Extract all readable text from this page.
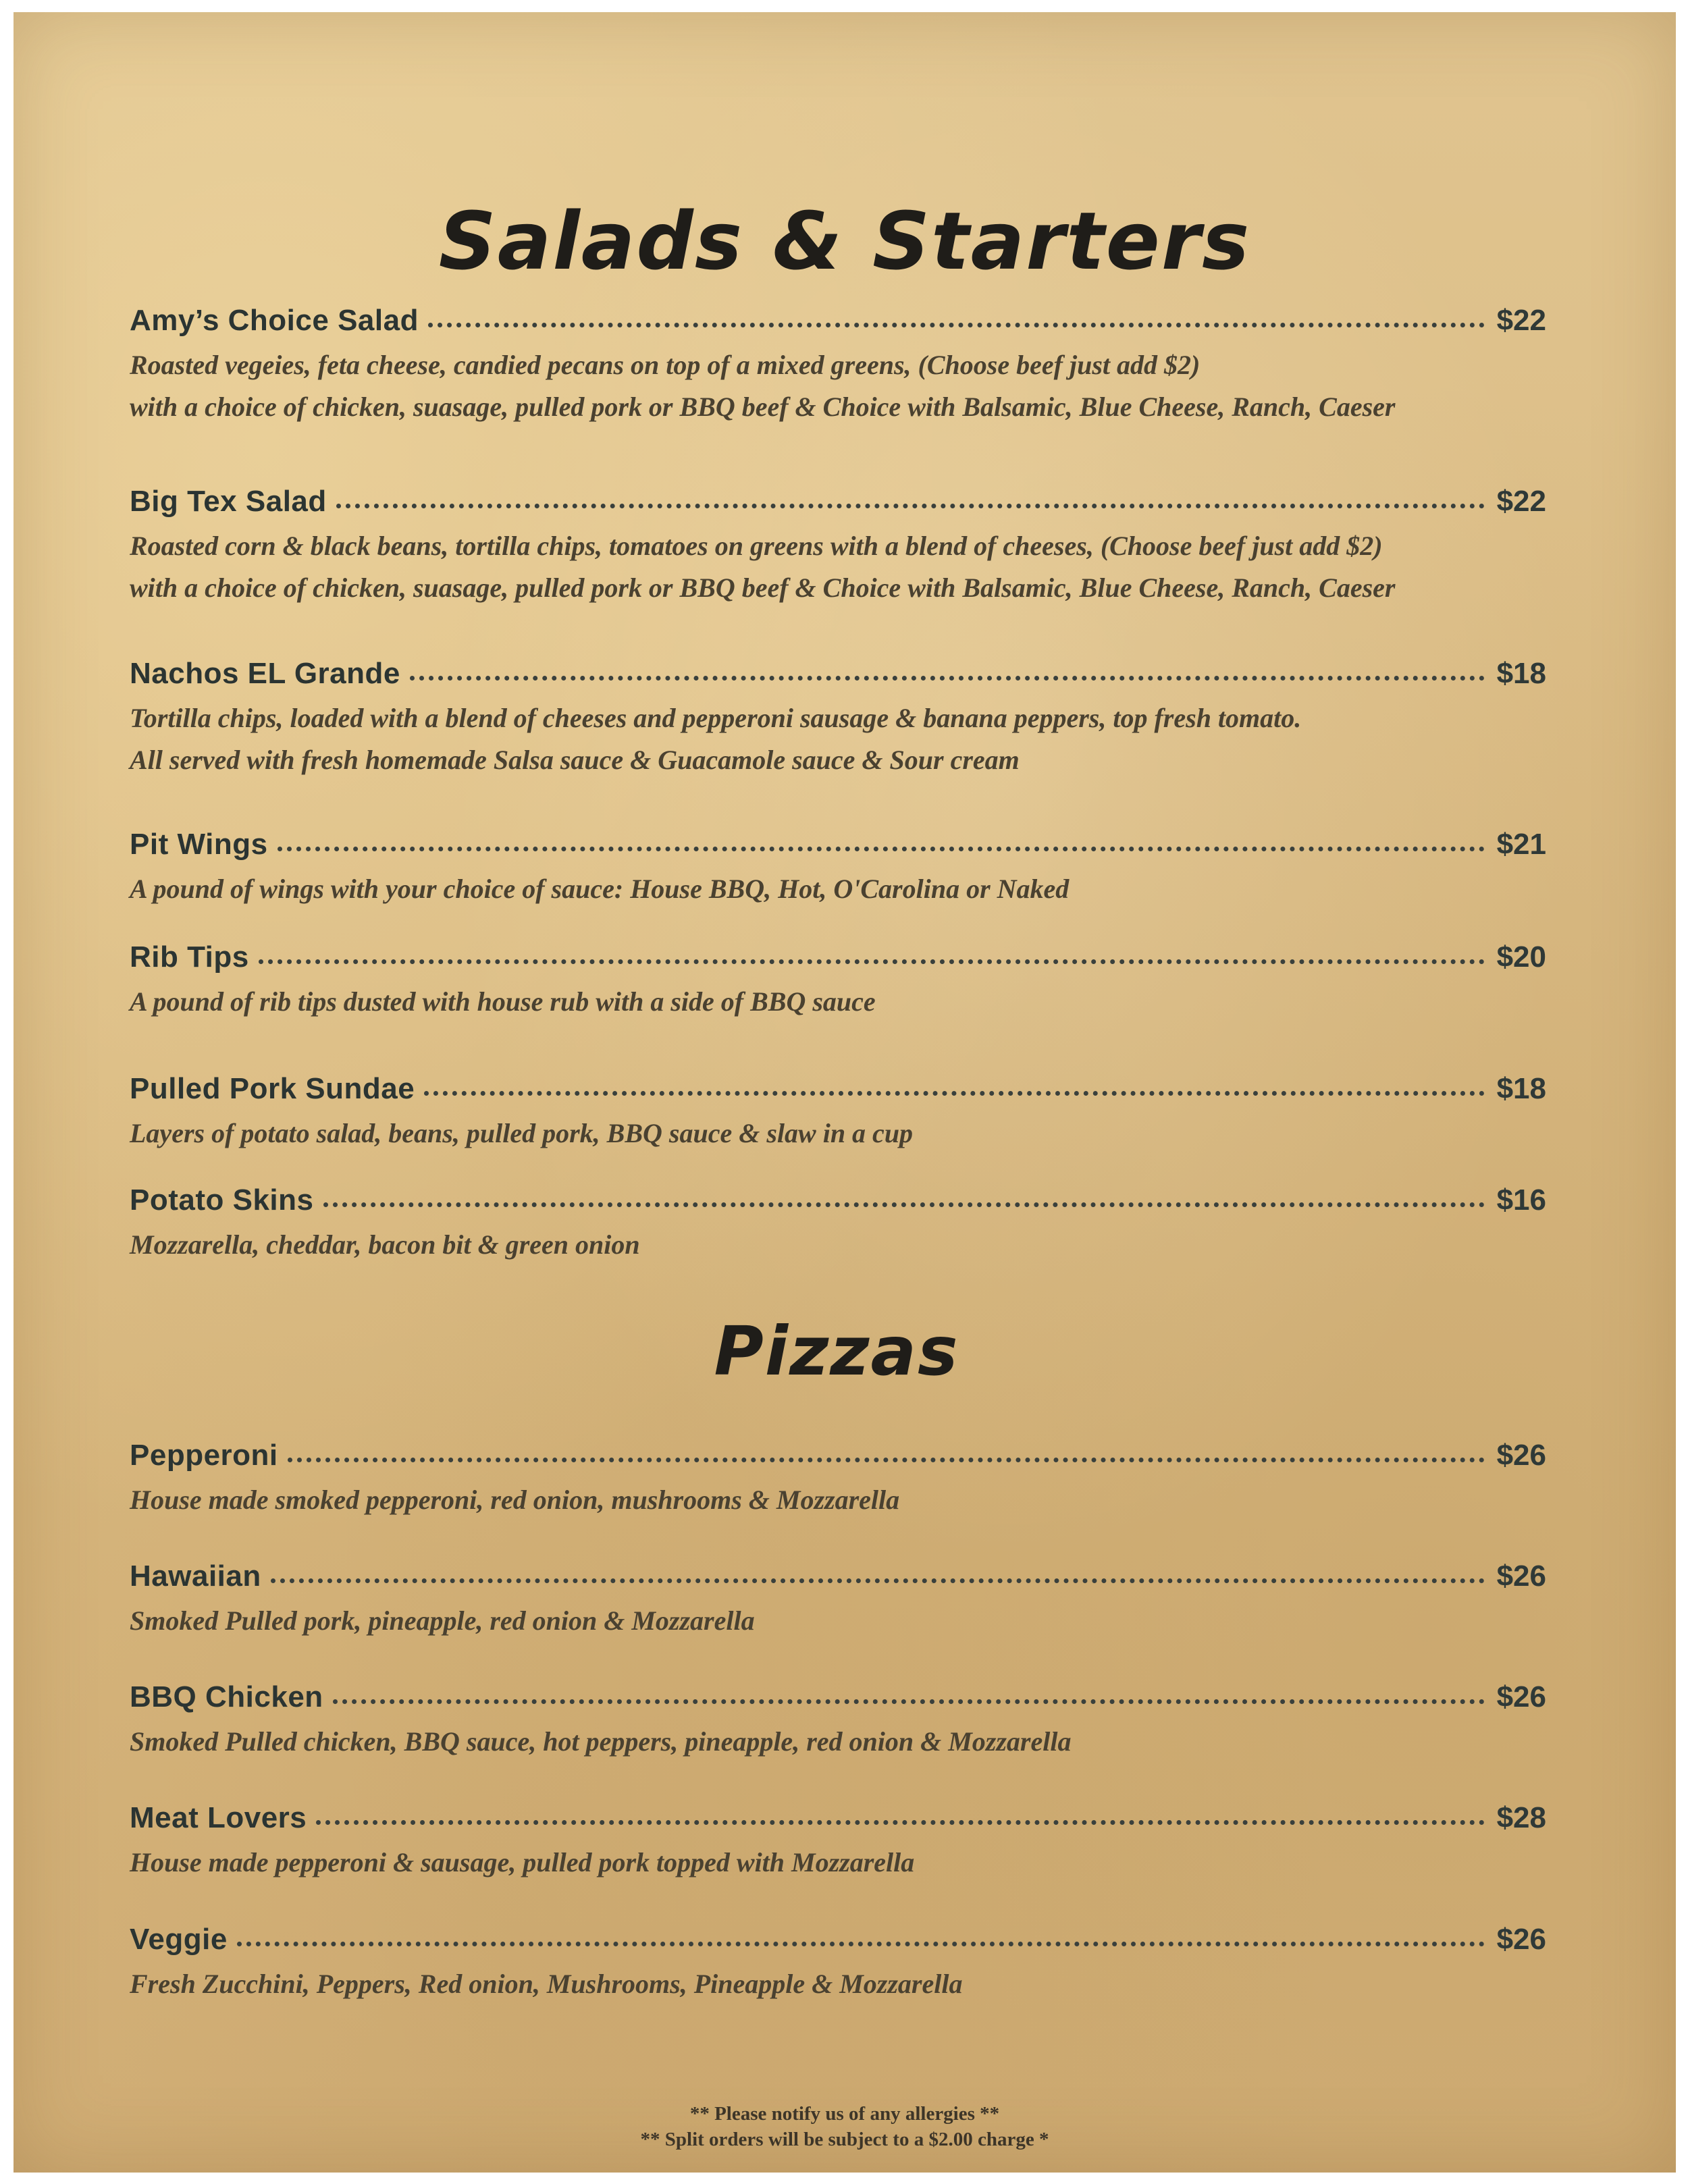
Salads & Starters
Amy’s Choice Salad	$22

Roasted vegeies, feta cheese, candied pecans on top of a mixed greens, (Choose beef just add $2)

with a choice of chicken, suasage, pulled pork or BBQ beef & Choice with Balsamic, Blue Cheese, Ranch, Caeser

Big Tex Salad	$22

Roasted corn & black beans, tortilla chips, tomatoes on greens with a blend of cheeses, (Choose beef just add $2)

with a choice of chicken, suasage, pulled pork or BBQ beef & Choice with Balsamic, Blue Cheese, Ranch, Caeser

Nachos EL Grande	$18

Tortilla chips, loaded with a blend of cheeses and pepperoni sausage & banana peppers, top fresh tomato.

All served with fresh homemade Salsa sauce & Guacamole sauce & Sour cream

Pit Wings	$21

A pound of wings with your choice of sauce: House BBQ, Hot, O'Carolina or Naked

Rib Tips	$20

A pound of rib tips dusted with house rub with a side of BBQ sauce

Pulled Pork Sundae	$18

Layers of potato salad, beans, pulled pork, BBQ sauce & slaw in a cup

Potato Skins	$16

Mozzarella, cheddar, bacon bit & green onion

Pizzas
Pepperoni	$26

House made smoked pepperoni, red onion, mushrooms & Mozzarella

Hawaiian	$26

Smoked Pulled pork, pineapple, red onion & Mozzarella

BBQ Chicken	$26

Smoked Pulled chicken, BBQ sauce, hot peppers, pineapple, red onion & Mozzarella

Meat Lovers	$28

House made pepperoni & sausage, pulled pork topped with Mozzarella

Veggie	$26

Fresh Zucchini, Peppers, Red onion, Mushrooms, Pineapple & Mozzarella

** Please notify us of any allergies **
** Split orders will be subject to a $2.00 charge *
